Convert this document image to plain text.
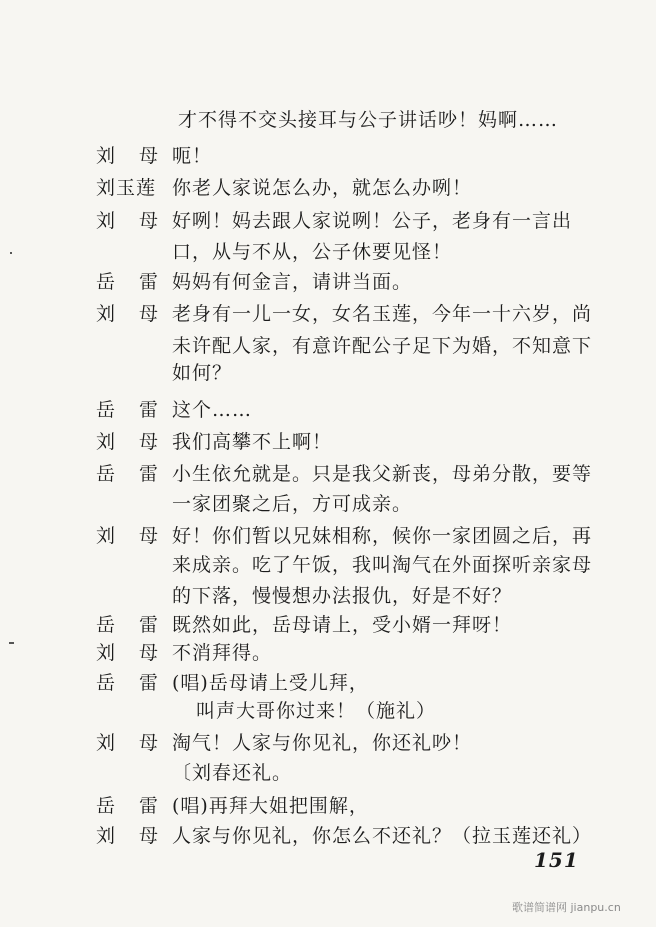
才不得不交头接耳与公子讲话吵！妈啊……
刘 母 呃！
刘玉莲 你老人家说怎么办，就怎么办咧！
刘 母 好咧！妈去跟人家说咧！公子，老身有一言出
口，从与不从，公子休要见怪！
岳 雷 妈妈有何金言，请讲当面。
刘 母 老身有一儿一女，女名玉莲，今年一十六岁，尚
未许配人家，有意许配公子足下为婚，不知意下
如何？
岳 雷 这个……
刘 母 我们高攀不上啊！
岳 雷 小生依允就是。只是我父新丧，母弟分散，要等
一家团聚之后，方可成亲。
刘 母 好！你们暂以兄妹相称，候你一家团圆之后，再
来成亲。吃了午饭，我叫淘气在外面探听亲家母
的下落，慢慢想办法报仇，好是不好？
岳 雷 既然如此，岳母请上，受小婿一拜呀！
刘 母 不消拜得。
岳 雷 (唱)岳母请上受儿拜，
叫声大哥你过来！（施礼）
刘 母 淘气！人家与你见礼，你还礼吵！
〔刘春还礼。
岳 雷 (唱)再拜大姐把围解，
刘 母 人家与你见礼，你怎么不还礼？（拉玉莲还礼）
151
歌谱简谱网 jianpu.cn
